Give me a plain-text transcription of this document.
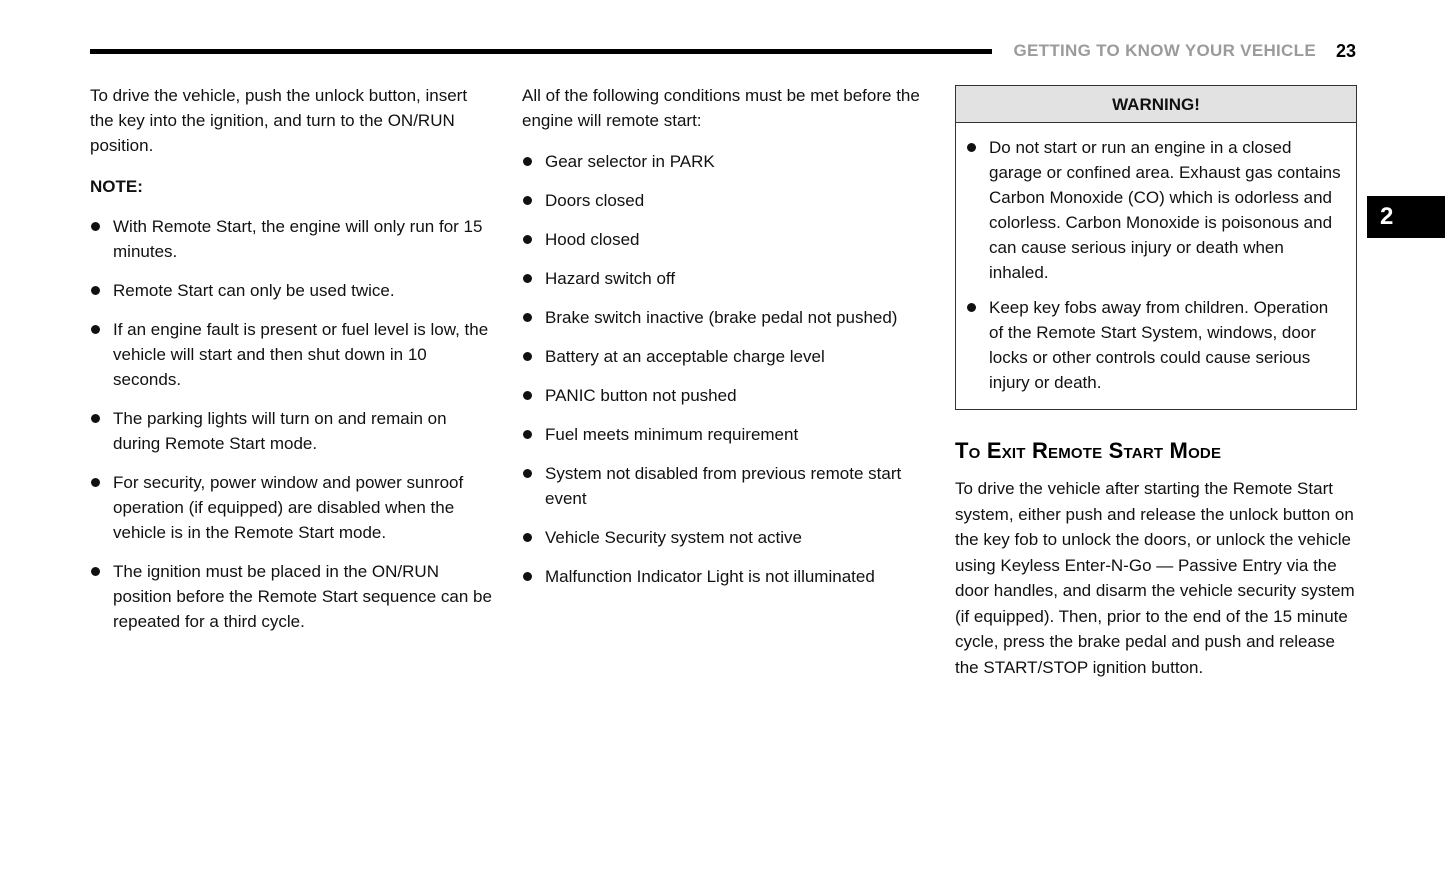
GETTING TO KNOW YOUR VEHICLE 23
2

To drive the vehicle, push the unlock button, insert the key into the ignition, and turn to the ON/RUN position.

NOTE:

With Remote Start, the engine will only run for 15 minutes.
Remote Start can only be used twice.
If an engine fault is present or fuel level is low, the vehicle will start and then shut down in 10 seconds.
The parking lights will turn on and remain on during Remote Start mode.
For security, power window and power sunroof operation (if equipped) are disabled when the vehicle is in the Remote Start mode.
The ignition must be placed in the ON/RUN position before the Remote Start sequence can be repeated for a third cycle.

All of the following conditions must be met before the engine will remote start:

Gear selector in PARK
Doors closed
Hood closed
Hazard switch off
Brake switch inactive (brake pedal not pushed)
Battery at an acceptable charge level
PANIC button not pushed
Fuel meets minimum requirement
System not disabled from previous remote start event
Vehicle Security system not active
Malfunction Indicator Light is not illuminated
WARNING!
Do not start or run an engine in a closed garage or confined area. Exhaust gas contains Carbon Monoxide (CO) which is odorless and colorless. Carbon Monoxide is poisonous and can cause serious injury or death when inhaled.
Keep key fobs away from children. Operation of the Remote Start System, windows, door locks or other controls could cause serious injury or death.
To Exit Remote Start Mode

To drive the vehicle after starting the Remote Start system, either push and release the unlock button on the key fob to unlock the doors, or unlock the vehicle using Keyless Enter-N-Go — Passive Entry via the door handles, and disarm the vehicle security system (if equipped). Then, prior to the end of the 15 minute cycle, press the brake pedal and push and release the START/STOP ignition button.
